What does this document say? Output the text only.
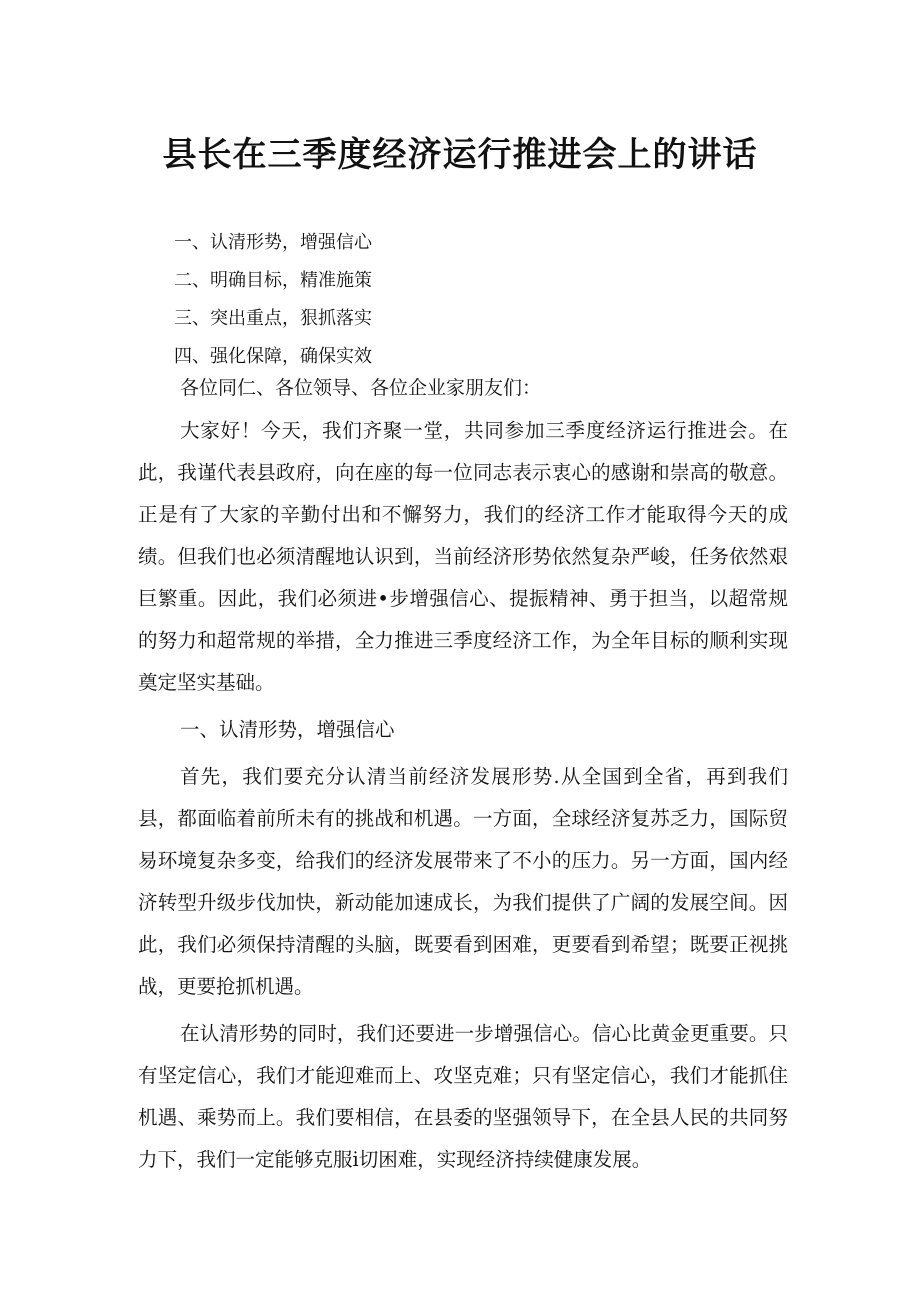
县长在三季度经济运行推进会上的讲话
一、认清形势，增强信心
二、明确目标，精准施策
三、突出重点，狠抓落实
四、强化保障，确保实效
各位同仁、各位领导、各位企业家朋友们：

大家好！今天，我们齐聚一堂，共同参加三季度经济运行推进会。在此，我谨代表县政府，向在座的每一位同志表示衷心的感谢和崇高的敬意。正是有了大家的辛勤付出和不懈努力，我们的经济工作才能取得今天的成绩。但我们也必须清醒地认识到，当前经济形势依然复杂严峻，任务依然艰巨繁重。因此，我们必须进•步增强信心、提振精神、勇于担当，以超常规的努力和超常规的举措，全力推进三季度经济工作，为全年目标的顺利实现奠定坚实基础。

一、认清形势，增强信心

首先，我们要充分认清当前经济发展形势.从全国到全省，再到我们县，都面临着前所未有的挑战和机遇。一方面，全球经济复苏乏力，国际贸易环境复杂多变，给我们的经济发展带来了不小的压力。另一方面，国内经济转型升级步伐加快，新动能加速成长，为我们提供了广阔的发展空间。因此，我们必须保持清醒的头脑，既要看到困难，更要看到希望；既要正视挑战，更要抢抓机遇。

在认清形势的同时，我们还要进一步增强信心。信心比黄金更重要。只有坚定信心，我们才能迎难而上、攻坚克难；只有坚定信心，我们才能抓住机遇、乘势而上。我们要相信，在县委的坚强领导下，在全县人民的共同努力下，我们一定能够克服i切困难，实现经济持续健康发展。
